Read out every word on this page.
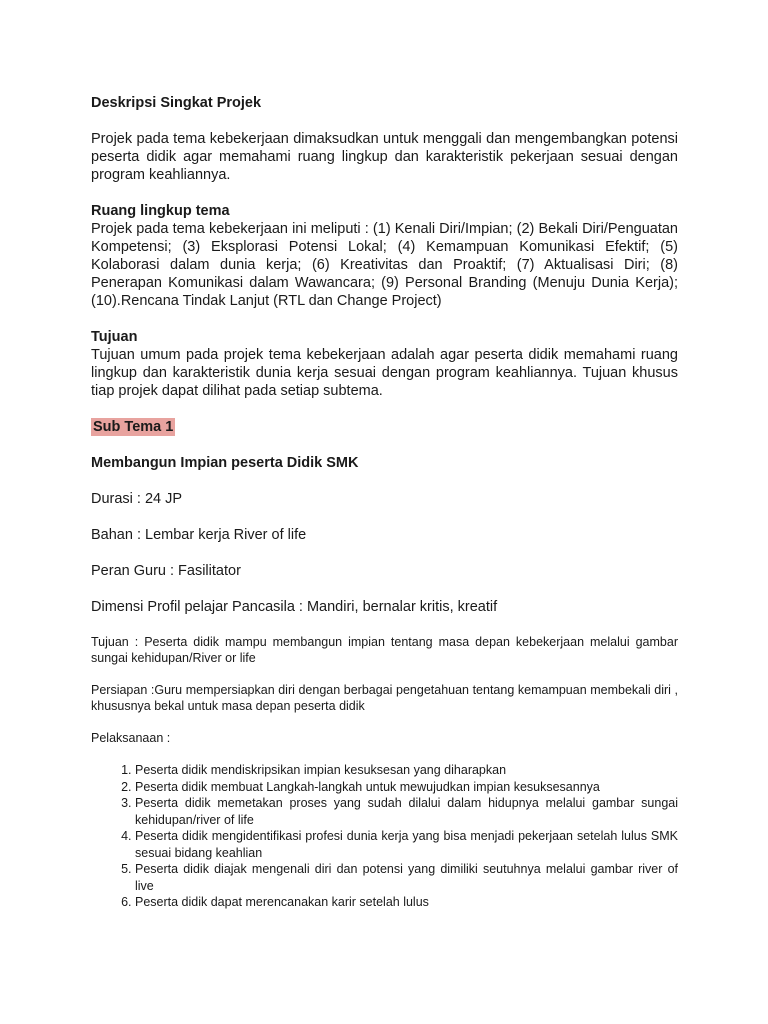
Deskripsi Singkat Projek

Projek pada tema kebekerjaan dimaksudkan untuk menggali dan mengembangkan potensi peserta didik agar memahami ruang lingkup dan karakteristik pekerjaan sesuai dengan program keahliannya.

Ruang lingkup tema

Projek pada tema kebekerjaan ini meliputi : (1) Kenali Diri/Impian; (2) Bekali Diri/Penguatan Kompetensi; (3) Eksplorasi Potensi Lokal; (4) Kemampuan Komunikasi Efektif; (5) Kolaborasi dalam dunia kerja; (6) Kreativitas dan Proaktif; (7) Aktualisasi Diri; (8) Penerapan Komunikasi dalam Wawancara; (9) Personal Branding (Menuju Dunia Kerja); (10).Rencana Tindak Lanjut (RTL dan Change Project)

Tujuan

Tujuan umum pada projek tema kebekerjaan adalah agar peserta didik memahami ruang lingkup dan karakteristik dunia kerja sesuai dengan program keahliannya. Tujuan khusus tiap projek dapat dilihat pada setiap subtema.

Sub Tema 1

Membangun Impian peserta Didik SMK

Durasi : 24 JP

Bahan : Lembar kerja River of life

Peran Guru : Fasilitator

Dimensi Profil pelajar Pancasila : Mandiri, bernalar kritis, kreatif

Tujuan : Peserta didik mampu membangun impian tentang masa depan kebekerjaan melalui gambar sungai kehidupan/River or life

Persiapan :Guru mempersiapkan diri dengan berbagai pengetahuan tentang kemampuan membekali diri , khususnya bekal untuk masa depan peserta didik

Pelaksanaan :

1. Peserta didik mendiskripsikan impian kesuksesan yang diharapkan
2. Peserta didik membuat Langkah-langkah untuk mewujudkan impian kesuksesannya
3. Peserta didik memetakan proses yang sudah dilalui dalam hidupnya melalui gambar sungai kehidupan/river of life
4. Peserta didik mengidentifikasi profesi dunia kerja yang bisa menjadi pekerjaan setelah lulus SMK sesuai bidang keahlian
5. Peserta didik diajak mengenali diri dan potensi yang dimiliki seutuhnya melalui gambar river of live
6. Peserta didik dapat merencanakan karir setelah lulus
